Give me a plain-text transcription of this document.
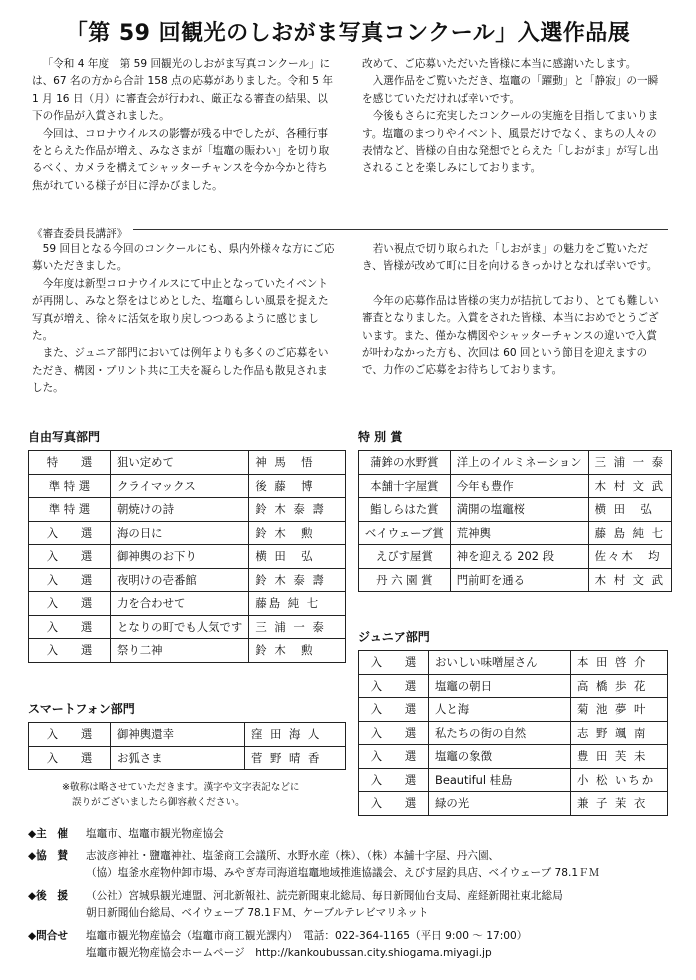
「第 59 回観光のしおがま写真コンクール」入選作品展

「令和 4 年度　第 59 回観光のしおがま写真コンクール」には、67 名の方から合計 158 点の応募がありました。令和 5 年 1 月 16 日（月）に審査会が行われ、厳正なる審査の結果、以下の作品が入賞されました。

今回は、コロナウイルスの影響が残る中でしたが、各種行事をとらえた作品が増え、みなさまが「塩竈の賑わい」を切り取るべく、カメラを構えてシャッターチャンスを今か今かと待ち焦がれている様子が目に浮かびました。

改めて、ご応募いただいた皆様に本当に感謝いたします。

入選作品をご覧いただき、塩竈の「躍動」と「静寂」の一瞬を感じていただければ幸いです。

今後もさらに充実したコンクールの実施を目指してまいります。塩竈のまつりやイベント、風景だけでなく、まちの人々の表情など、皆様の自由な発想でとらえた「しおがま」が写し出されることを楽しみにしております。

《審査委員長講評》

59 回目となる今回のコンクールにも、県内外様々な方にご応募いただきました。

今年度は新型コロナウイルスにて中止となっていたイベントが再開し、みなと祭をはじめとした、塩竈らしい風景を捉えた写真が増え、徐々に活気を取り戻しつつあるように感じました。

また、ジュニア部門においては例年よりも多くのご応募をいただき、構図・プリント共に工夫を凝らした作品も散見されました。

若い視点で切り取られた「しおがま」の魅力をご覧いただき、皆様が改めて町に目を向けるきっかけとなれば幸いです。

今年の応募作品は皆様の実力が拮抗しており、とても難しい審査となりました。入賞をされた皆様、本当におめでとうございます。また、僅かな構図やシャッターチャンスの違いで入賞が叶わなかった方も、次回は 60 回という節目を迎えますので、力作のご応募をお待ちしております。

自由写真部門
特　　選	狙い定めて	神 馬　悟
準 特 選	クライマックス	後 藤　博
準 特 選	朝焼けの詩	鈴 木 泰 壽
入　　選	海の日に	鈴 木　勲
入　　選	御神輿のお下り	横 田　弘
入　　選	夜明けの壱番館	鈴 木 泰 壽
入　　選	力を合わせて	藤島 純 七
入　　選	となりの町でも人気です	三 浦 一 泰
入　　選	祭り二神	鈴 木　勲
特 別 賞
蒲鉾の水野賞	洋上のイルミネーション	三 浦 一 泰
本舗十字屋賞	今年も豊作	木 村 文 武
鮨しらはた賞	満開の塩竈桜	横 田　弘
ベイウェーブ賞	荒神輿	藤 島 純 七
えびす屋賞	神を迎える 202 段	佐々木　均
丹 六 園 賞	門前町を通る	木 村 文 武
スマートフォン部門
入　　選	御神輿還幸	窪 田 海 人
入　　選	お狐さま	菅 野 晴 香
ジュニア部門
入　　選	おいしい味噌屋さん	本 田 啓 介
入　　選	塩竈の朝日	高 橋 歩 花
入　　選	人と海	菊 池 夢 叶
入　　選	私たちの街の自然	志 野 颯 南
入　　選	塩竈の象徴	豊 田 芙 未
入　　選	Beautiful 桂島	小 松 いちか
入　　選	緑の光	兼 子 茉 衣
※敬称は略させていただきます。漢字や文字表記などに
誤りがございましたら御容赦ください。
◆主　催 塩竈市、塩竈市観光物産協会
◆協　賛 志波彦神社・鹽竈神社、塩釜商工会議所、水野水産（株）、（株）本舗十字屋、丹六園、
（協）塩釜水産物仲卸市場、みやぎ寿司海道塩竈地域推進協議会、えびす屋釣具店、ベイウェーブ 78.1ＦＭ
◆後　援 （公社）宮城県観光連盟、河北新報社、読売新聞東北総局、毎日新聞仙台支局、産経新聞社東北総局
朝日新聞仙台総局、ベイウェーブ 78.1ＦＭ、ケーブルテレビマリネット
◆問合せ 塩竈市観光物産協会（塩竈市商工観光課内）　電話：022-364-1165（平日 9:00 ～ 17:00）
塩竈市観光物産協会ホームページ　http://kankoubussan.city.shiogama.miyagi.jp
